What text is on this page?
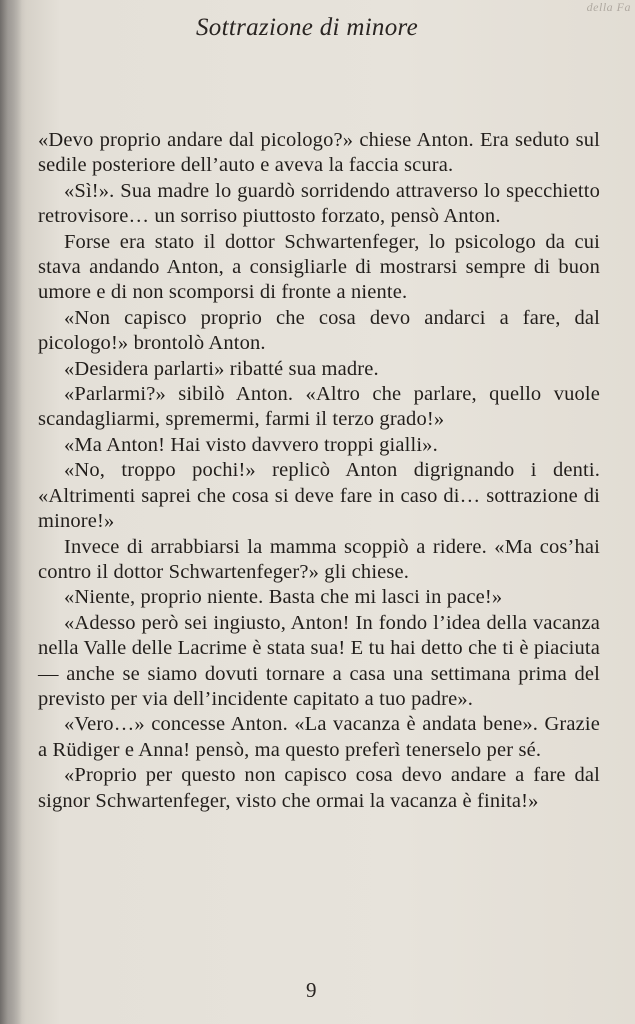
della Fa
Sottrazione di minore

«Devo proprio andare dal picologo?» chiese Anton. Era seduto sul sedile posteriore dell’auto e aveva la faccia scura.

«Sì!». Sua madre lo guardò sorridendo attraverso lo specchietto retrovisore… un sorriso piuttosto forzato, pensò Anton.

Forse era stato il dottor Schwartenfeger, lo psicologo da cui stava andando Anton, a consigliarle di mostrarsi sempre di buon umore e di non scomporsi di fronte a niente.

«Non capisco proprio che cosa devo andarci a fare, dal picologo!» brontolò Anton.

«Desidera parlarti» ribatté sua madre.

«Parlarmi?» sibilò Anton. «Altro che parlare, quello vuole scandagliarmi, spremermi, farmi il terzo grado!»

«Ma Anton! Hai visto davvero troppi gialli».

«No, troppo pochi!» replicò Anton digrignando i denti. «Altrimenti saprei che cosa si deve fare in caso di… sottrazione di minore!»

Invece di arrabbiarsi la mamma scoppiò a ridere. «Ma cos’hai contro il dottor Schwartenfeger?» gli chiese.

«Niente, proprio niente. Basta che mi lasci in pace!»

«Adesso però sei ingiusto, Anton! In fondo l’idea della vacanza nella Valle delle Lacrime è stata sua! E tu hai detto che ti è piaciuta — anche se siamo dovuti tornare a casa una settimana prima del previsto per via dell’incidente capitato a tuo padre».

«Vero…» concesse Anton. «La vacanza è andata bene». Grazie a Rüdiger e Anna! pensò, ma questo preferì tenerselo per sé.

«Proprio per questo non capisco cosa devo andare a fare dal signor Schwartenfeger, visto che ormai la vacanza è finita!»

9
